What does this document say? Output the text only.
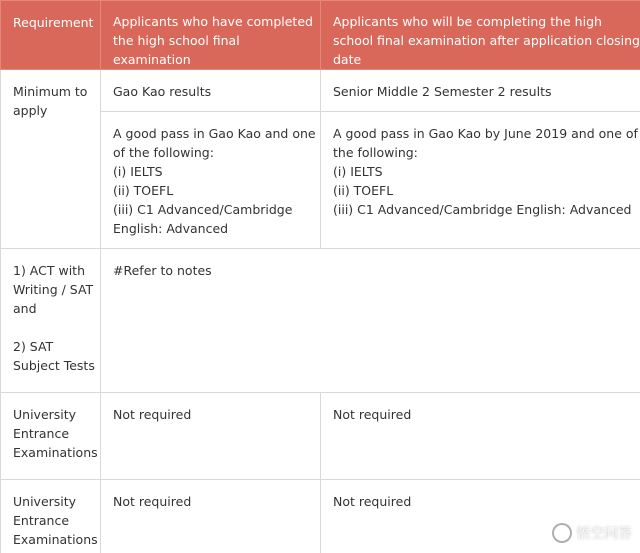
Requirement	Applicants who have completed the high school final examination	Applicants who will be completing the high school final examination after application closing date
Minimum to apply	Gao Kao results	Senior Middle 2 Semester 2 results

	A good pass in Gao Kao and one of the following:
(i) IELTS
(ii) TOEFL
(iii) C1 Advanced/Cambridge English: Advanced	A good pass in Gao Kao by June 2019 and one of the following:
(i) IELTS
(ii) TOEFL
(iii) C1 Advanced/Cambridge English: Advanced

1) ACT with Writing / SAT and
2) SAT Subject Tests	#Refer to notes	
University Entrance Examinations	Not required	Not required
University Entrance Examinations	Not required	Not required
悟空问答
